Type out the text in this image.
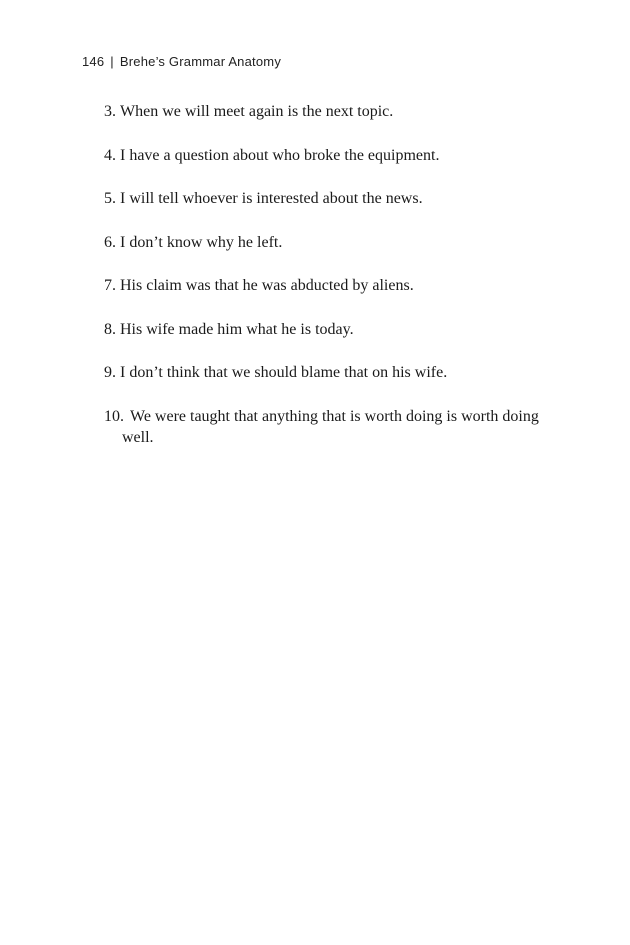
146 | Brehe’s Grammar Anatomy
3. When we will meet again is the next topic.
4. I have a question about who broke the equipment.
5. I will tell whoever is interested about the news.
6. I don’t know why he left.
7. His claim was that he was abducted by aliens.
8. His wife made him what he is today.
9. I don’t think that we should blame that on his wife.
10. We were taught that anything that is worth doing is worth doing well.
